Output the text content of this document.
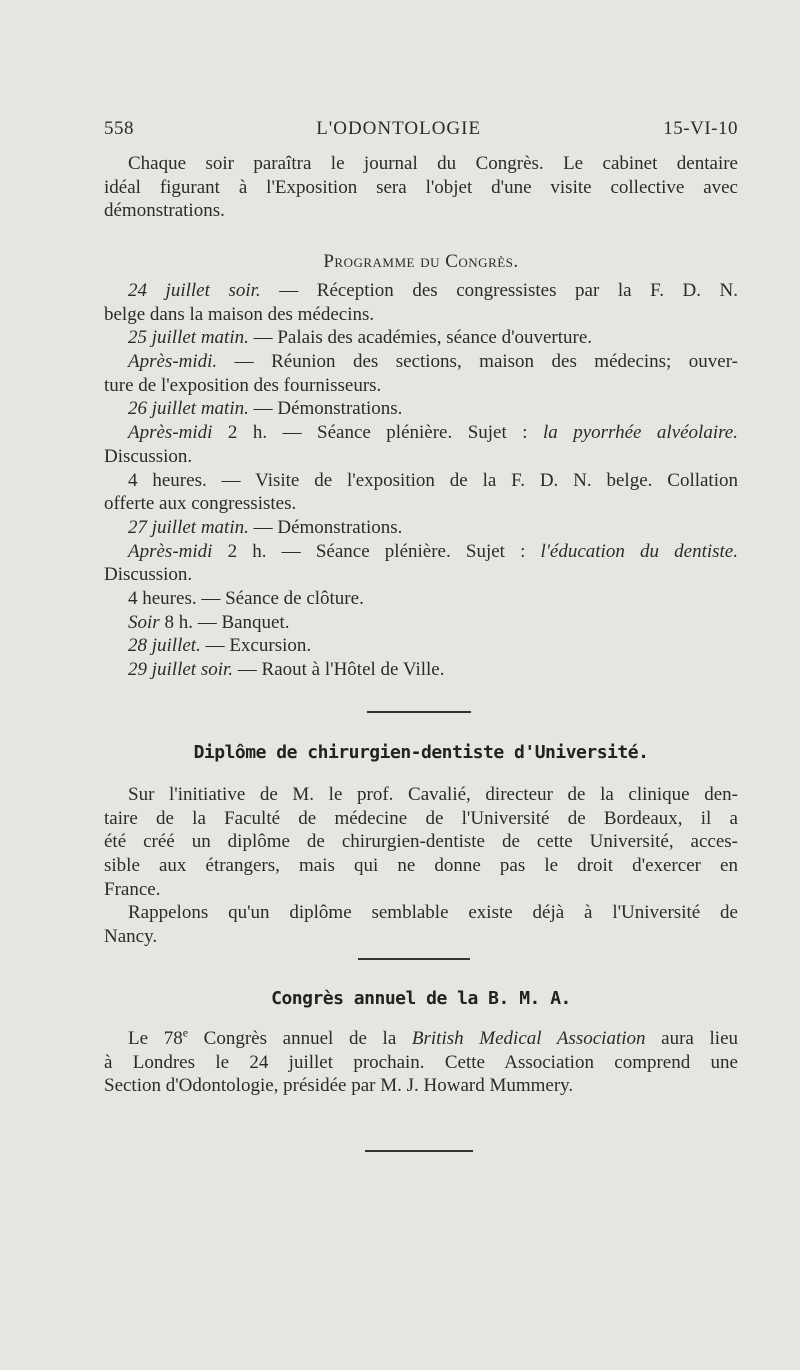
558	L'ODONTOLOGIE	15-VI-10
Chaque soir paraîtra le journal du Congrès. Le cabinet dentaire
idéal figurant à l'Exposition sera l'objet d'une visite collective avec
démonstrations.
Programme du Congrès.
24 juillet soir. — Réception des congressistes par la F. D. N.
belge dans la maison des médecins.
25 juillet matin. — Palais des académies, séance d'ouverture.
Après-midi. — Réunion des sections, maison des médecins; ouver-
ture de l'exposition des fournisseurs.
26 juillet matin. — Démonstrations.
Après-midi 2 h. — Séance plénière. Sujet : la pyorrhée alvéolaire.
Discussion.
4 heures. — Visite de l'exposition de la F. D. N. belge. Collation
offerte aux congressistes.
27 juillet matin. — Démonstrations.
Après-midi 2 h. — Séance plénière. Sujet : l'éducation du dentiste.
Discussion.
4 heures. — Séance de clôture.
Soir 8 h. — Banquet.
28 juillet. — Excursion.
29 juillet soir. — Raout à l'Hôtel de Ville.
Diplôme de chirurgien-dentiste d'Université.
Sur l'initiative de M. le prof. Cavalié, directeur de la clinique den-
taire de la Faculté de médecine de l'Université de Bordeaux, il a
été créé un diplôme de chirurgien-dentiste de cette Université, acces-
sible aux étrangers, mais qui ne donne pas le droit d'exercer en
France.
Rappelons qu'un diplôme semblable existe déjà à l'Université de
Nancy.
Congrès annuel de la B. M. A.
Le 78e Congrès annuel de la British Medical Association aura lieu
à Londres le 24 juillet prochain. Cette Association comprend une
Section d'Odontologie, présidée par M. J. Howard Mummery.
